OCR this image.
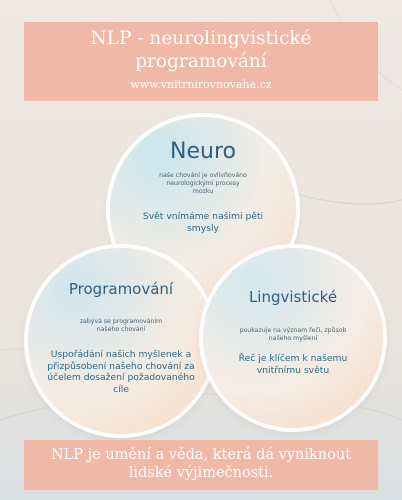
NLP - neurolingvistické
programování
www.vnitrnirovnovaha.cz
Neuro
naše chování je ovlivňováno neurologickými procesy mozku
Svět vnímáme našimi pěti smysly
Programování
zabývá se programováním našeho chování
Uspořádání našich myšlenek a přizpůsobení našeho chování za účelem dosažení požadovaného cíle
Lingvistické
poukazuje na význam řeči, způsob našeho myšlení
Řeč je klíčem k našemu vnitřnímu světu
NLP je umění a věda, která dá vyniknout
lidské výjimečnosti.
